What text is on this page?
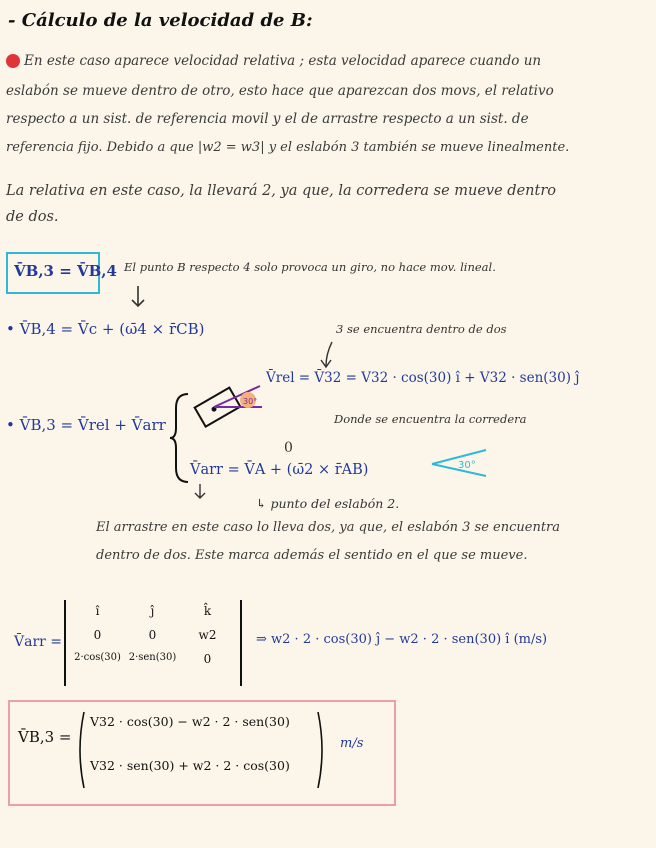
- Cálculo de la velocidad de B:
En este caso aparece velocidad relativa ; esta velocidad aparece cuando un
eslabón se mueve dentro de otro, esto hace que aparezcan dos movs, el relativo
respecto a un sist. de referencia movil y el de arrastre respecto a un sist. de
referencia fijo. Debido a que |w2 = w3| y el eslabón 3 también se mueve linealmente.
La relativa en este caso, la llevará 2, ya que, la corredera se mueve dentro
de dos.
V̄B,3 = V̄B,4 El punto B respecto 4 solo provoca un giro, no hace mov. lineal.
• V̄B,4 = V̄c + (ω̄4 × r̄CB)	3 se encuentra dentro de dos
30°
V̄rel = V̄32 = V32 · cos(30) î + V32 · sen(30) ĵ
Donde se encuentra la corredera
• V̄B,3 = V̄rel + V̄arr
30°
0
V̄arr = V̄A + (ω̄2 × r̄AB)
↳ punto del eslabón 2.
El arrastre en este caso lo lleva dos, ya que, el eslabón 3 se encuentra
dentro de dos. Este marca además el sentido en el que se mueve.
V̄arr =
î	ĵ	k̂
0	0	w2
2·cos(30) 2·sen(30)	0
⇒ w2 · 2 · cos(30) ĵ − w2 · 2 · sen(30) î (m/s)
V̄B,3 =
V32 · cos(30) − w2 · 2 · sen(30)
V32 · sen(30) + w2 · 2 · cos(30)
m/s
